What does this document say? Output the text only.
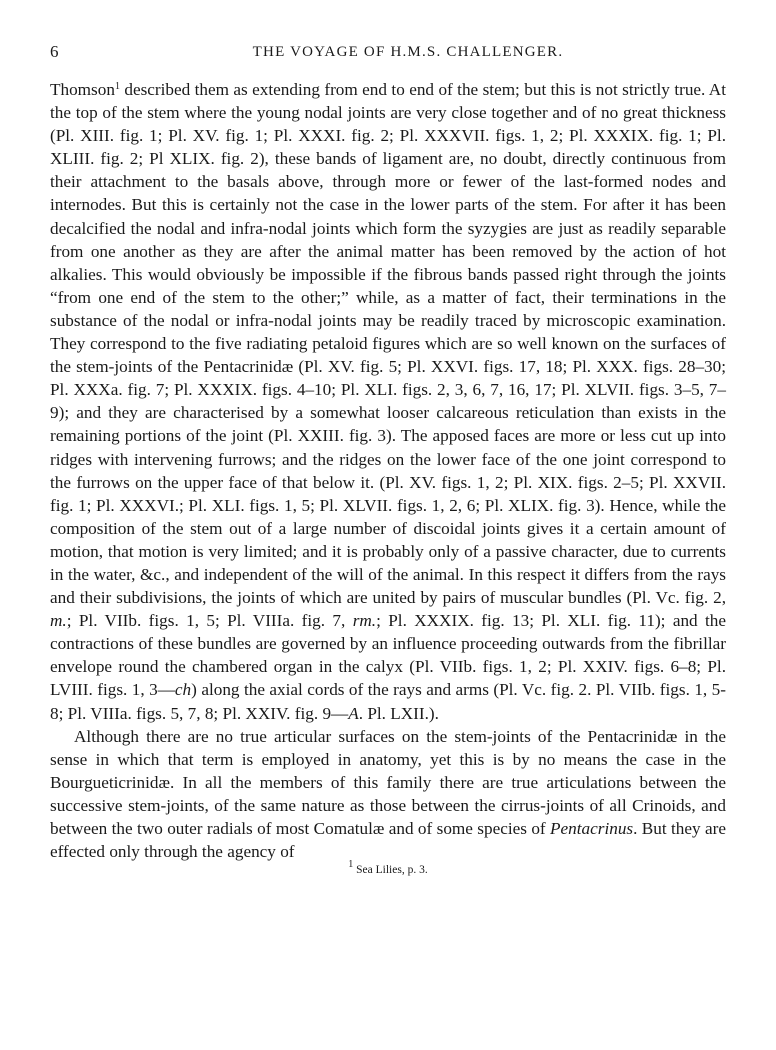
6	THE VOYAGE OF H.M.S. CHALLENGER.

Thomson$^1$ described them as extending from end to end of the stem; but this is not strictly true. At the top of the stem where the young nodal joints are very close together and of no great thickness (Pl. XIII. fig. 1; Pl. XV. fig. 1; Pl. XXXI. fig. 2; Pl. XXXVII. figs. 1, 2; Pl. XXXIX. fig. 1; Pl. XLIII. fig. 2; Pl XLIX. fig. 2), these bands of ligament are, no doubt, directly continuous from their attachment to the basals above, through more or fewer of the last-formed nodes and internodes. But this is certainly not the case in the lower parts of the stem. For after it has been decalcified the nodal and infra-nodal joints which form the syzygies are just as readily separable from one another as they are after the animal matter has been removed by the action of hot alkalies. This would obviously be impossible if the fibrous bands passed right through the joints “from one end of the stem to the other;” while, as a matter of fact, their terminations in the substance of the nodal or infra-nodal joints may be readily traced by microscopic examination. They correspond to the five radiating petaloid figures which are so well known on the surfaces of the stem-joints of the Pentacrinidæ (Pl. XV. fig. 5; Pl. XXVI. figs. 17, 18; Pl. XXX. figs. 28–30; Pl. XXXa. fig. 7; Pl. XXXIX. figs. 4–10; Pl. XLI. figs. 2, 3, 6, 7, 16, 17; Pl. XLVII. figs. 3–5, 7–9); and they are characterised by a somewhat looser calcareous reticulation than exists in the remaining portions of the joint (Pl. XXIII. fig. 3). The apposed faces are more or less cut up into ridges with intervening furrows; and the ridges on the lower face of the one joint correspond to the furrows on the upper face of that below it. (Pl. XV. figs. 1, 2; Pl. XIX. figs. 2–5; Pl. XXVII. fig. 1; Pl. XXXVI.; Pl. XLI. figs. 1, 5; Pl. XLVII. figs. 1, 2, 6; Pl. XLIX. fig. 3). Hence, while the composition of the stem out of a large number of discoidal joints gives it a certain amount of motion, that motion is very limited; and it is probably only of a passive character, due to currents in the water, &c., and independent of the will of the animal. In this respect it differs from the rays and their subdivisions, the joints of which are united by pairs of muscular bundles (Pl. Vc. fig. 2, m.; Pl. VIIb. figs. 1, 5; Pl. VIIIa. fig. 7, rm.; Pl. XXXIX. fig. 13; Pl. XLI. fig. 11); and the contractions of these bundles are governed by an influence proceeding outwards from the fibrillar envelope round the chambered organ in the calyx (Pl. VIIb. figs. 1, 2; Pl. XXIV. figs. 6–8; Pl. LVIII. figs. 1, 3—ch) along the axial cords of the rays and arms (Pl. Vc. fig. 2. Pl. VIIb. figs. 1, 5-8; Pl. VIIIa. figs. 5, 7, 8; Pl. XXIV. fig. 9—A. Pl. LXII.).

Although there are no true articular surfaces on the stem-joints of the Pentacrinidæ in the sense in which that term is employed in anatomy, yet this is by no means the case in the Bourgueticrinidæ. In all the members of this family there are true articulations between the successive stem-joints, of the same nature as those between the cirrus-joints of all Crinoids, and between the two outer radials of most Comatulæ and of some species of Pentacrinus. But they are effected only through the agency of

$^1$ Sea Lilies, p. 3.
